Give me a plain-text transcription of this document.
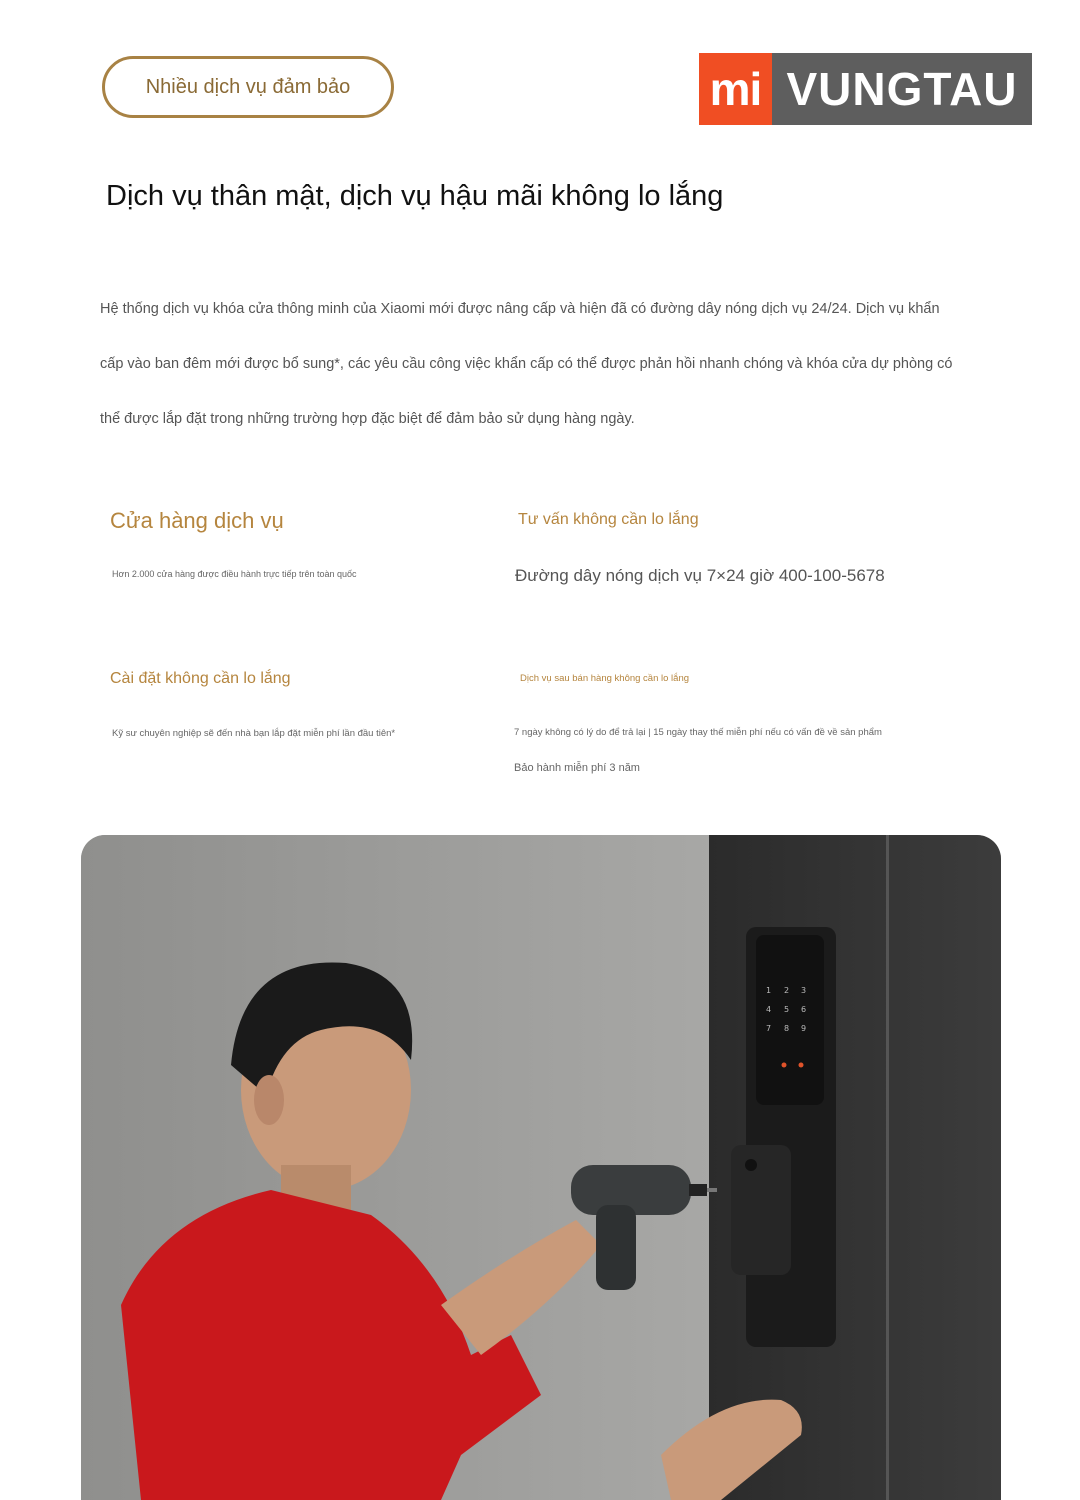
Nhiều dịch vụ đảm bảo	mi VUNGTAU
Dịch vụ thân mật, dịch vụ hậu mãi không lo lắng

Hệ thống dịch vụ khóa cửa thông minh của Xiaomi mới được nâng cấp và hiện đã có đường dây nóng dịch vụ 24/24. Dịch vụ khẩn cấp vào ban đêm mới được bổ sung*, các yêu cầu công việc khẩn cấp có thể được phản hồi nhanh chóng và khóa cửa dự phòng có thể được lắp đặt trong những trường hợp đặc biệt để đảm bảo sử dụng hàng ngày.

Cửa hàng dịch vụ

Hơn 2.000 cửa hàng được điều hành trực tiếp trên toàn quốc

Tư vấn không cần lo lắng

Đường dây nóng dịch vụ 7×24 giờ 400-100-5678

Cài đặt không cần lo lắng

Kỹ sư chuyên nghiệp sẽ đến nhà bạn lắp đặt miễn phí lần đầu tiên*

Dịch vụ sau bán hàng không cần lo lắng

7 ngày không có lý do để trả lại | 15 ngày thay thế miễn phí nếu có vấn đề về sản phẩm

Bảo hành miễn phí 3 năm

1 2 3
4 5 6
7 8 9
